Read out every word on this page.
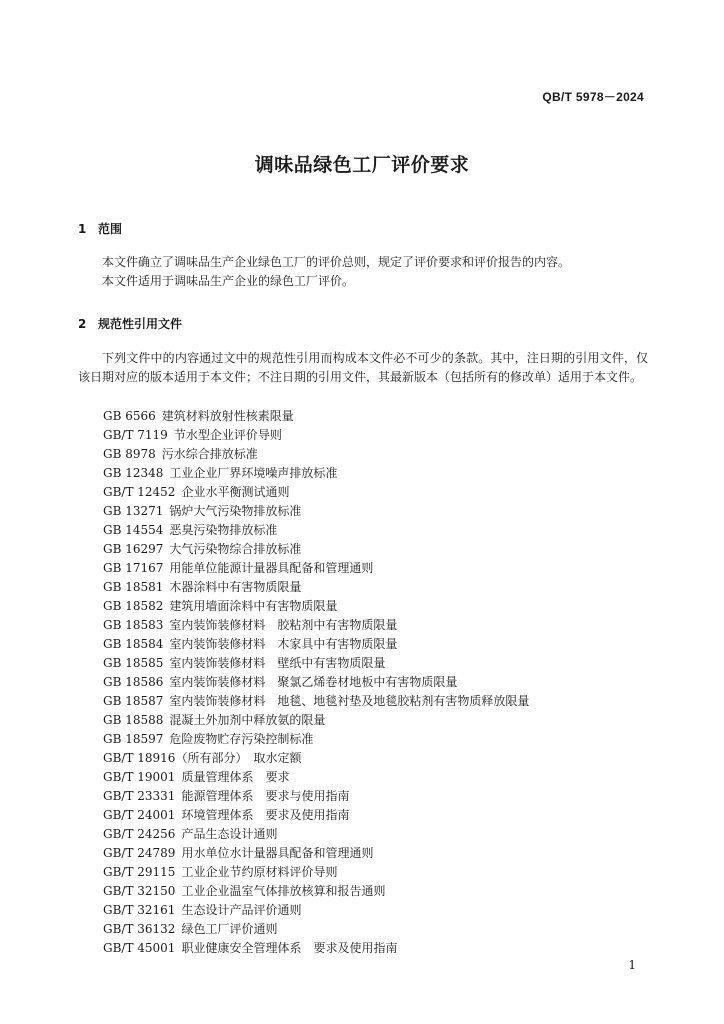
QB/T 5978－2024
调味品绿色工厂评价要求
1 范围

本文件确立了调味品生产企业绿色工厂的评价总则，规定了评价要求和评价报告的内容。

本文件适用于调味品生产企业的绿色工厂评价。

2 规范性引用文件

下列文件中的内容通过文中的规范性引用而构成本文件必不可少的条款。其中，注日期的引用文件，仅该日期对应的版本适用于本文件；不注日期的引用文件，其最新版本（包括所有的修改单）适用于本文件。

GB 6566 建筑材料放射性核素限量
GB/T 7119 节水型企业评价导则
GB 8978 污水综合排放标准
GB 12348 工业企业厂界环境噪声排放标准
GB/T 12452 企业水平衡测试通则
GB 13271 锅炉大气污染物排放标准
GB 14554 恶臭污染物排放标准
GB 16297 大气污染物综合排放标准
GB 17167 用能单位能源计量器具配备和管理通则
GB 18581 木器涂料中有害物质限量
GB 18582 建筑用墙面涂料中有害物质限量
GB 18583 室内装饰装修材料　胶粘剂中有害物质限量
GB 18584 室内装饰装修材料　木家具中有害物质限量
GB 18585 室内装饰装修材料　壁纸中有害物质限量
GB 18586 室内装饰装修材料　聚氯乙烯卷材地板中有害物质限量
GB 18587 室内装饰装修材料　地毯、地毯衬垫及地毯胶粘剂有害物质释放限量
GB 18588 混凝土外加剂中释放氨的限量
GB 18597 危险废物贮存污染控制标准
GB/T 18916（所有部分） 取水定额
GB/T 19001 质量管理体系　要求
GB/T 23331 能源管理体系　要求与使用指南
GB/T 24001 环境管理体系　要求及使用指南
GB/T 24256 产品生态设计通则
GB/T 24789 用水单位水计量器具配备和管理通则
GB/T 29115 工业企业节约原材料评价导则
GB/T 32150 工业企业温室气体排放核算和报告通则
GB/T 32161 生态设计产品评价通则
GB/T 36132 绿色工厂评价通则
GB/T 45001 职业健康安全管理体系　要求及使用指南
1
